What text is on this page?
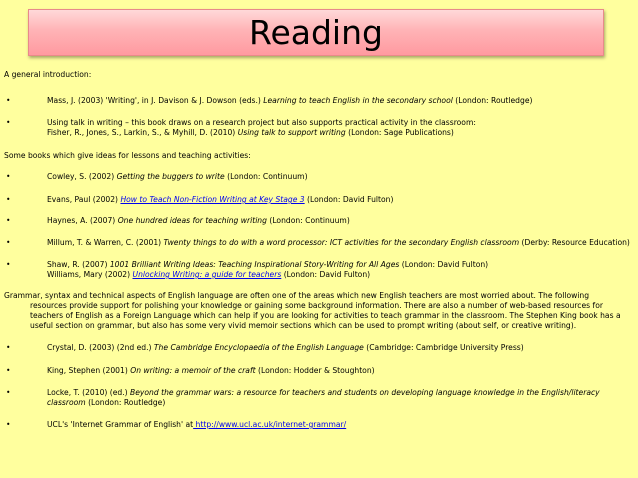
Reading
A general introduction:
•	Mass, J. (2003) 'Writing', in J. Davison & J. Dowson (eds.) Learning to teach English in the secondary school (London: Routledge)
•	Using talk in writing – this book draws on a research project but also supports practical activity in the classroom:
Fisher, R., Jones, S., Larkin, S., & Myhill, D. (2010) Using talk to support writing (London: Sage Publications)
Some books which give ideas for lessons and teaching activities:
•	Cowley, S. (2002) Getting the buggers to write (London: Continuum)
•	Evans, Paul (2002) How to Teach Non-Fiction Writing at Key Stage 3 (London: David Fulton)
•	Haynes, A. (2007) One hundred ideas for teaching writing (London: Continuum)
•	Millum, T. & Warren, C. (2001) Twenty things to do with a word processor: ICT activities for the secondary English classroom (Derby: Resource Education)
•	Shaw, R. (2007) 1001 Brilliant Writing Ideas: Teaching Inspirational Story-Writing for All Ages (London: David Fulton)
Williams, Mary (2002) Unlocking Writing: a guide for teachers (London: David Fulton)
Grammar, syntax and technical aspects of English language are often one of the areas which new English teachers are most worried about. The following
resources provide support for polishing your knowledge or gaining some background information. There are also a number of web-based resources for teachers of English as a Foreign Language which can help if you are looking for activities to teach grammar in the classroom. The Stephen King book has a useful section on grammar, but also has some very vivid memoir sections which can be used to prompt writing (about self, or creative writing).
•	Crystal, D. (2003) (2nd ed.) The Cambridge Encyclopaedia of the English Language (Cambridge: Cambridge University Press)
•	King, Stephen (2001) On writing: a memoir of the craft (London: Hodder & Stoughton)
•	Locke, T. (2010) (ed.) Beyond the grammar wars: a resource for teachers and students on developing language knowledge in the English/literacy classroom (London: Routledge)
•	UCL's 'Internet Grammar of English' at http://www.ucl.ac.uk/internet-grammar/
